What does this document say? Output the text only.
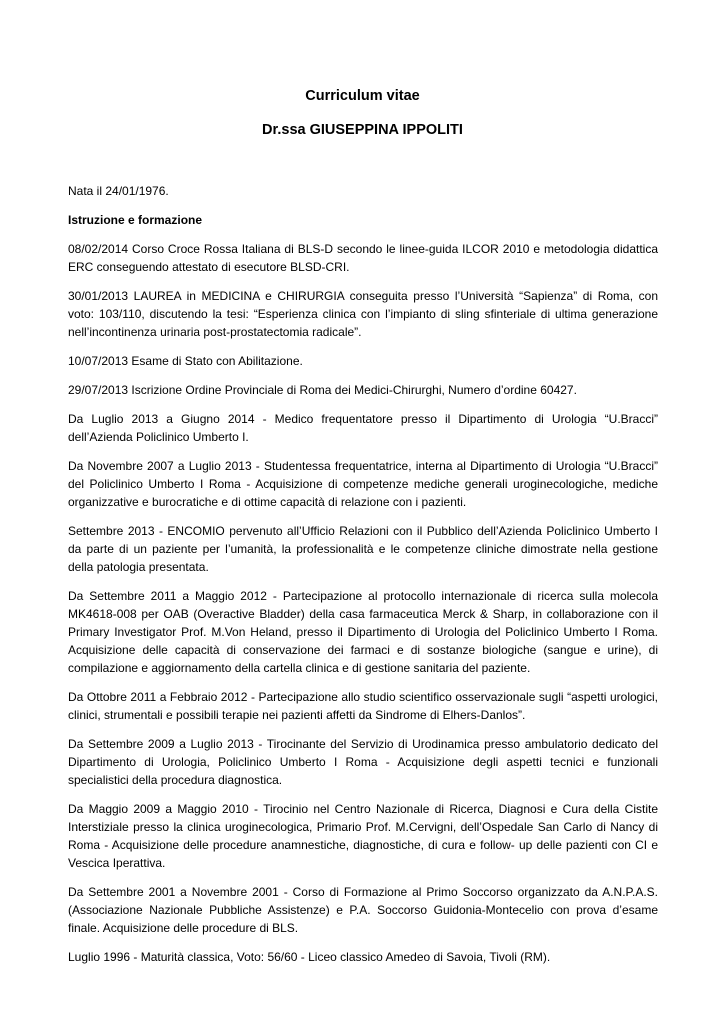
Curriculum vitae
Dr.ssa GIUSEPPINA IPPOLITI

Nata il 24/01/1976.

Istruzione e formazione

08/02/2014 Corso Croce Rossa Italiana di BLS-D secondo le linee-guida ILCOR 2010 e metodologia didattica ERC conseguendo attestato di esecutore BLSD-CRI.

30/01/2013 LAUREA in MEDICINA e CHIRURGIA conseguita presso l’Università “Sapienza” di Roma, con voto: 103/110, discutendo la tesi: “Esperienza clinica con l’impianto di sling sfinteriale di ultima generazione nell’incontinenza urinaria post-prostatectomia radicale”.

10/07/2013 Esame di Stato con Abilitazione.

29/07/2013 Iscrizione Ordine Provinciale di Roma dei Medici-Chirurghi, Numero d’ordine 60427.

Da Luglio 2013 a Giugno 2014 - Medico frequentatore presso il Dipartimento di Urologia “U.Bracci” dell’Azienda Policlinico Umberto I.

Da Novembre 2007 a Luglio 2013 - Studentessa frequentatrice, interna al Dipartimento di Urologia “U.Bracci” del Policlinico Umberto I Roma - Acquisizione di competenze mediche generali uroginecologiche, mediche organizzative e burocratiche e di ottime capacità di relazione con i pazienti.

Settembre 2013 - ENCOMIO pervenuto all’Ufficio Relazioni con il Pubblico dell’Azienda Policlinico Umberto I da parte di un paziente per l’umanità, la professionalità e le competenze cliniche dimostrate nella gestione della patologia presentata.

Da Settembre 2011 a Maggio 2012 - Partecipazione al protocollo internazionale di ricerca sulla molecola MK4618-008 per OAB (Overactive Bladder) della casa farmaceutica Merck & Sharp, in collaborazione con il Primary Investigator Prof. M.Von Heland, presso il Dipartimento di Urologia del Policlinico Umberto I Roma. Acquisizione delle capacità di conservazione dei farmaci e di sostanze biologiche (sangue e urine), di compilazione e aggiornamento della cartella clinica e di gestione sanitaria del paziente.

Da Ottobre 2011 a Febbraio 2012 - Partecipazione allo studio scientifico osservazionale sugli “aspetti urologici, clinici, strumentali e possibili terapie nei pazienti affetti da Sindrome di Elhers-Danlos”.

Da Settembre 2009 a Luglio 2013 - Tirocinante del Servizio di Urodinamica presso ambulatorio dedicato del Dipartimento di Urologia, Policlinico Umberto I Roma - Acquisizione degli aspetti tecnici e funzionali specialistici della procedura diagnostica.

Da Maggio 2009 a Maggio 2010 - Tirocinio nel Centro Nazionale di Ricerca, Diagnosi e Cura della Cistite Interstiziale presso la clinica uroginecologica, Primario Prof. M.Cervigni, dell’Ospedale San Carlo di Nancy di Roma - Acquisizione delle procedure anamnestiche, diagnostiche, di cura e follow- up delle pazienti con CI e Vescica Iperattiva.

Da Settembre 2001 a Novembre 2001 - Corso di Formazione al Primo Soccorso organizzato da A.N.P.A.S. (Associazione Nazionale Pubbliche Assistenze) e P.A. Soccorso Guidonia-Montecelio con prova d’esame finale. Acquisizione delle procedure di BLS.

Luglio 1996 - Maturità classica, Voto: 56/60 - Liceo classico Amedeo di Savoia, Tivoli (RM).
